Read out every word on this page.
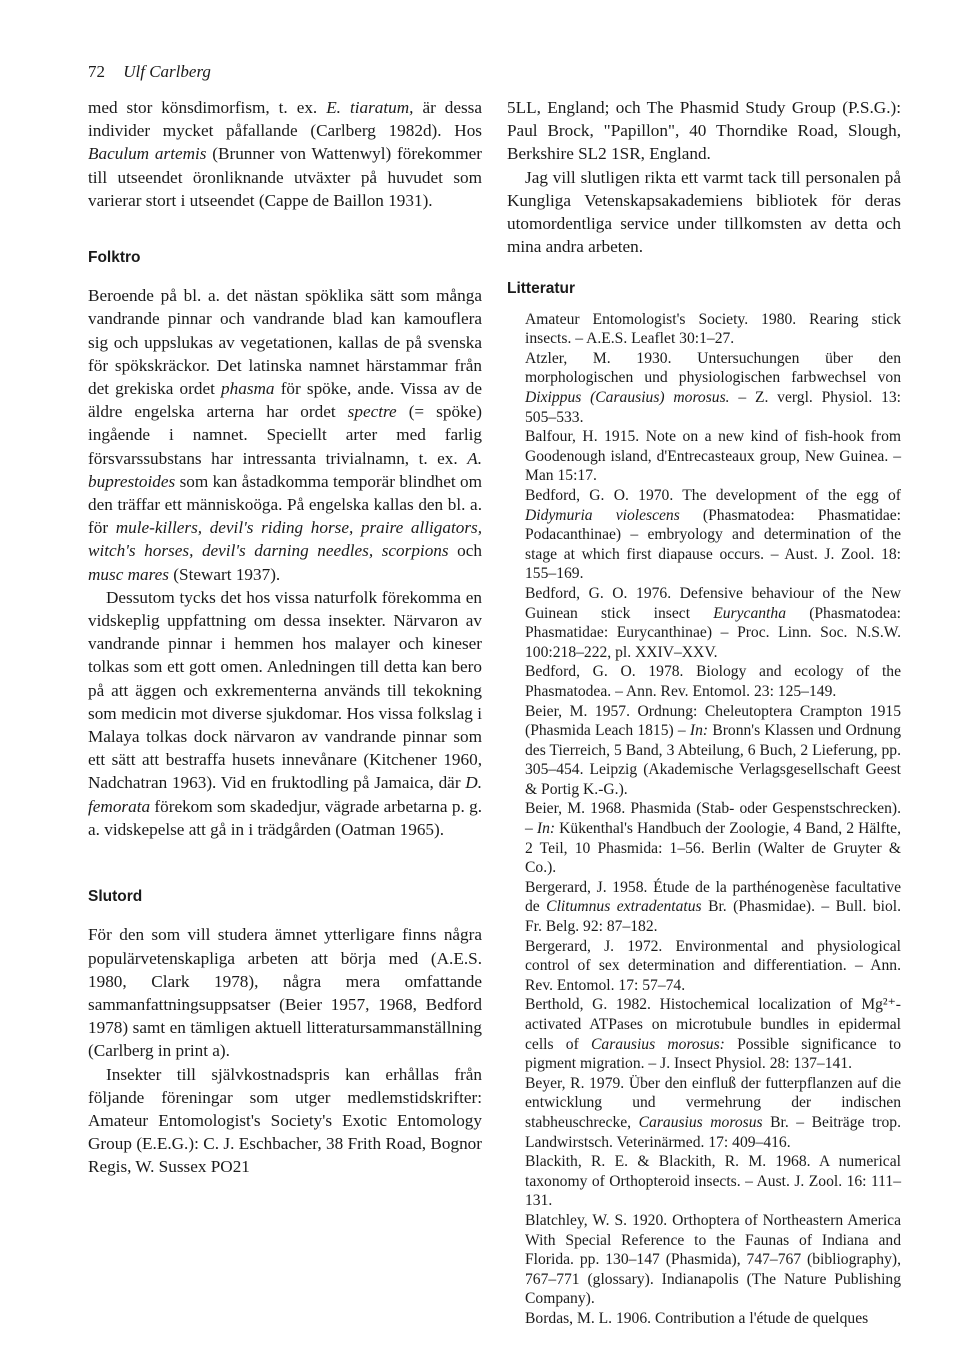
72 Ulf Carlberg

med stor könsdimorfism, t. ex. E. tiaratum, är dessa individer mycket påfallande (Carlberg 1982d). Hos Baculum artemis (Brunner von Wattenwyl) förekommer till utseendet öronliknande utväxter på huvudet som varierar stort i utseendet (Cappe de Baillon 1931).

Folktro

Beroende på bl. a. det nästan spöklika sätt som många vandrande pinnar och vandrande blad kan kamouflera sig och uppslukas av vegetationen, kallas de på svenska för spökskräckor. Det latinska namnet härstammar från det grekiska ordet phasma för spöke, ande. Vissa av de äldre engelska arterna har ordet spectre (= spöke) ingående i namnet. Speciellt arter med farlig försvarssubstans har intressanta trivialnamn, t. ex. A. buprestoides som kan åstadkomma temporär blindhet om den träffar ett människoöga. På engelska kallas den bl. a. för mule-killers, devil's riding horse, praire alligators, witch's horses, devil's darning needles, scorpions och musc mares (Stewart 1937).

Dessutom tycks det hos vissa naturfolk förekomma en vidskeplig uppfattning om dessa insekter. Närvaron av vandrande pinnar i hemmen hos malayer och kineser tolkas som ett gott omen. Anledningen till detta kan bero på att äggen och exkrementerna används till tekokning som medicin mot diverse sjukdomar. Hos vissa folkslag i Malaya tolkas dock närvaron av vandrande pinnar som ett sätt att bestraffa husets innevånare (Kitchener 1960, Nadchatran 1963). Vid en fruktodling på Jamaica, där D. femorata förekom som skadedjur, vägrade arbetarna p. g. a. vidskepelse att gå in i trädgården (Oatman 1965).

Slutord

För den som vill studera ämnet ytterligare finns några populärvetenskapliga arbeten att börja med (A.E.S. 1980, Clark 1978), några mera omfattande sammanfattningsuppsatser (Beier 1957, 1968, Bedford 1978) samt en tämligen aktuell litteratursammanställning (Carlberg in print a).

Insekter till självkostnadspris kan erhållas från följande föreningar som utger medlemstidskrifter: Amateur Entomologist's Society's Exotic Entomology Group (E.E.G.): C. J. Eschbacher, 38 Frith Road, Bognor Regis, W. Sussex PO21

5LL, England; och The Phasmid Study Group (P.S.G.): Paul Brock, "Papillon", 40 Thorndike Road, Slough, Berkshire SL2 1SR, England.

Jag vill slutligen rikta ett varmt tack till personalen på Kungliga Vetenskapsakademiens bibliotek för deras utomordentliga service under tillkomsten av detta och mina andra arbeten.

Litteratur

Amateur Entomologist's Society. 1980. Rearing stick insects. – A.E.S. Leaflet 30:1–27.

Atzler, M. 1930. Untersuchungen über den morphologischen und physiologischen farbwechsel von Dixippus (Carausius) morosus. – Z. vergl. Physiol. 13: 505–533.

Balfour, H. 1915. Note on a new kind of fish-hook from Goodenough island, d'Entrecasteaux group, New Guinea. – Man 15:17.

Bedford, G. O. 1970. The development of the egg of Didymuria violescens (Phasmatodea: Phasmatidae: Podacanthinae) – embryology and determination of the stage at which first diapause occurs. – Aust. J. Zool. 18: 155–169.

Bedford, G. O. 1976. Defensive behaviour of the New Guinean stick insect Eurycantha (Phasmatodea: Phasmatidae: Eurycanthinae) – Proc. Linn. Soc. N.S.W. 100:218–222, pl. XXIV–XXV.

Bedford, G. O. 1978. Biology and ecology of the Phasmatodea. – Ann. Rev. Entomol. 23: 125–149.

Beier, M. 1957. Ordnung: Cheleutoptera Crampton 1915 (Phasmida Leach 1815) – In: Bronn's Klassen und Ordnung des Tierreich, 5 Band, 3 Abteilung, 6 Buch, 2 Lieferung, pp. 305–454. Leipzig (Akademische Verlagsgesellschaft Geest & Portig K.-G.).

Beier, M. 1968. Phasmida (Stab- oder Gespenstschrecken). – In: Kükenthal's Handbuch der Zoologie, 4 Band, 2 Hälfte, 2 Teil, 10 Phasmida: 1–56. Berlin (Walter de Gruyter & Co.).

Bergerard, J. 1958. Étude de la parthénogenèse facultative de Clitumnus extradentatus Br. (Phasmidae). – Bull. biol. Fr. Belg. 92: 87–182.

Bergerard, J. 1972. Environmental and physiological control of sex determination and differentiation. – Ann. Rev. Entomol. 17: 57–74.

Berthold, G. 1982. Histochemical localization of Mg²⁺-activated ATPases on microtubule bundles in epidermal cells of Carausius morosus: Possible significance to pigment migration. – J. Insect Physiol. 28: 137–141.

Beyer, R. 1979. Über den einfluß der futterpflanzen auf die entwicklung und vermehrung der indischen stabheuschrecke, Carausius morosus Br. – Beiträge trop. Landwirstsch. Veterinärmed. 17: 409–416.

Blackith, R. E. & Blackith, R. M. 1968. A numerical taxonomy of Orthopteroid insects. – Aust. J. Zool. 16: 111–131.

Blatchley, W. S. 1920. Orthoptera of Northeastern America With Special Reference to the Faunas of Indiana and Florida. pp. 130–147 (Phasmida), 747–767 (bibliography), 767–771 (glossary). Indianapolis (The Nature Publishing Company).

Bordas, M. L. 1906. Contribution a l'étude de quelques
